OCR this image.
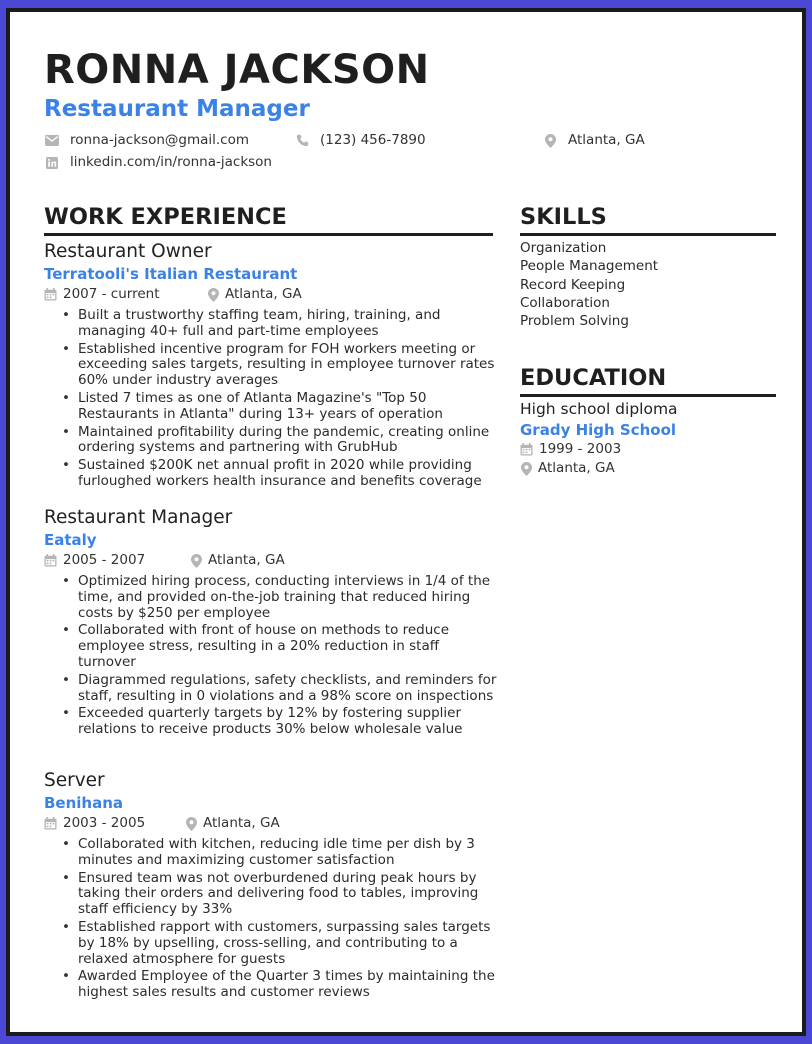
RONNA JACKSON
Restaurant Manager
ronna-jackson@gmail.com	(123) 456-7890	Atlanta, GA
linkedin.com/in/ronna-jackson
WORK EXPERIENCE
Restaurant Owner
Terratooli's Italian Restaurant
2007 - current	Atlanta, GA
• Built a trustworthy staffing team, hiring, training, and managing 40+ full and part-time employees
• Established incentive program for FOH workers meeting or exceeding sales targets, resulting in employee turnover rates 60% under industry averages
• Listed 7 times as one of Atlanta Magazine's "Top 50 Restaurants in Atlanta" during 13+ years of operation
• Maintained profitability during the pandemic, creating online ordering systems and partnering with GrubHub
• Sustained $200K net annual profit in 2020 while providing furloughed workers health insurance and benefits coverage
Restaurant Manager
Eataly
2005 - 2007	Atlanta, GA
• Optimized hiring process, conducting interviews in 1/4 of the time, and provided on-the-job training that reduced hiring costs by $250 per employee
• Collaborated with front of house on methods to reduce employee stress, resulting in a 20% reduction in staff turnover
• Diagrammed regulations, safety checklists, and reminders for staff, resulting in 0 violations and a 98% score on inspections
• Exceeded quarterly targets by 12% by fostering supplier relations to receive products 30% below wholesale value
Server
Benihana
2003 - 2005	Atlanta, GA
• Collaborated with kitchen, reducing idle time per dish by 3 minutes and maximizing customer satisfaction
• Ensured team was not overburdened during peak hours by taking their orders and delivering food to tables, improving staff efficiency by 33%
• Established rapport with customers, surpassing sales targets by 18% by upselling, cross-selling, and contributing to a relaxed atmosphere for guests
• Awarded Employee of the Quarter 3 times by maintaining the highest sales results and customer reviews
SKILLS
Organization
People Management
Record Keeping
Collaboration
Problem Solving
EDUCATION
High school diploma
Grady High School
1999 - 2003
Atlanta, GA
